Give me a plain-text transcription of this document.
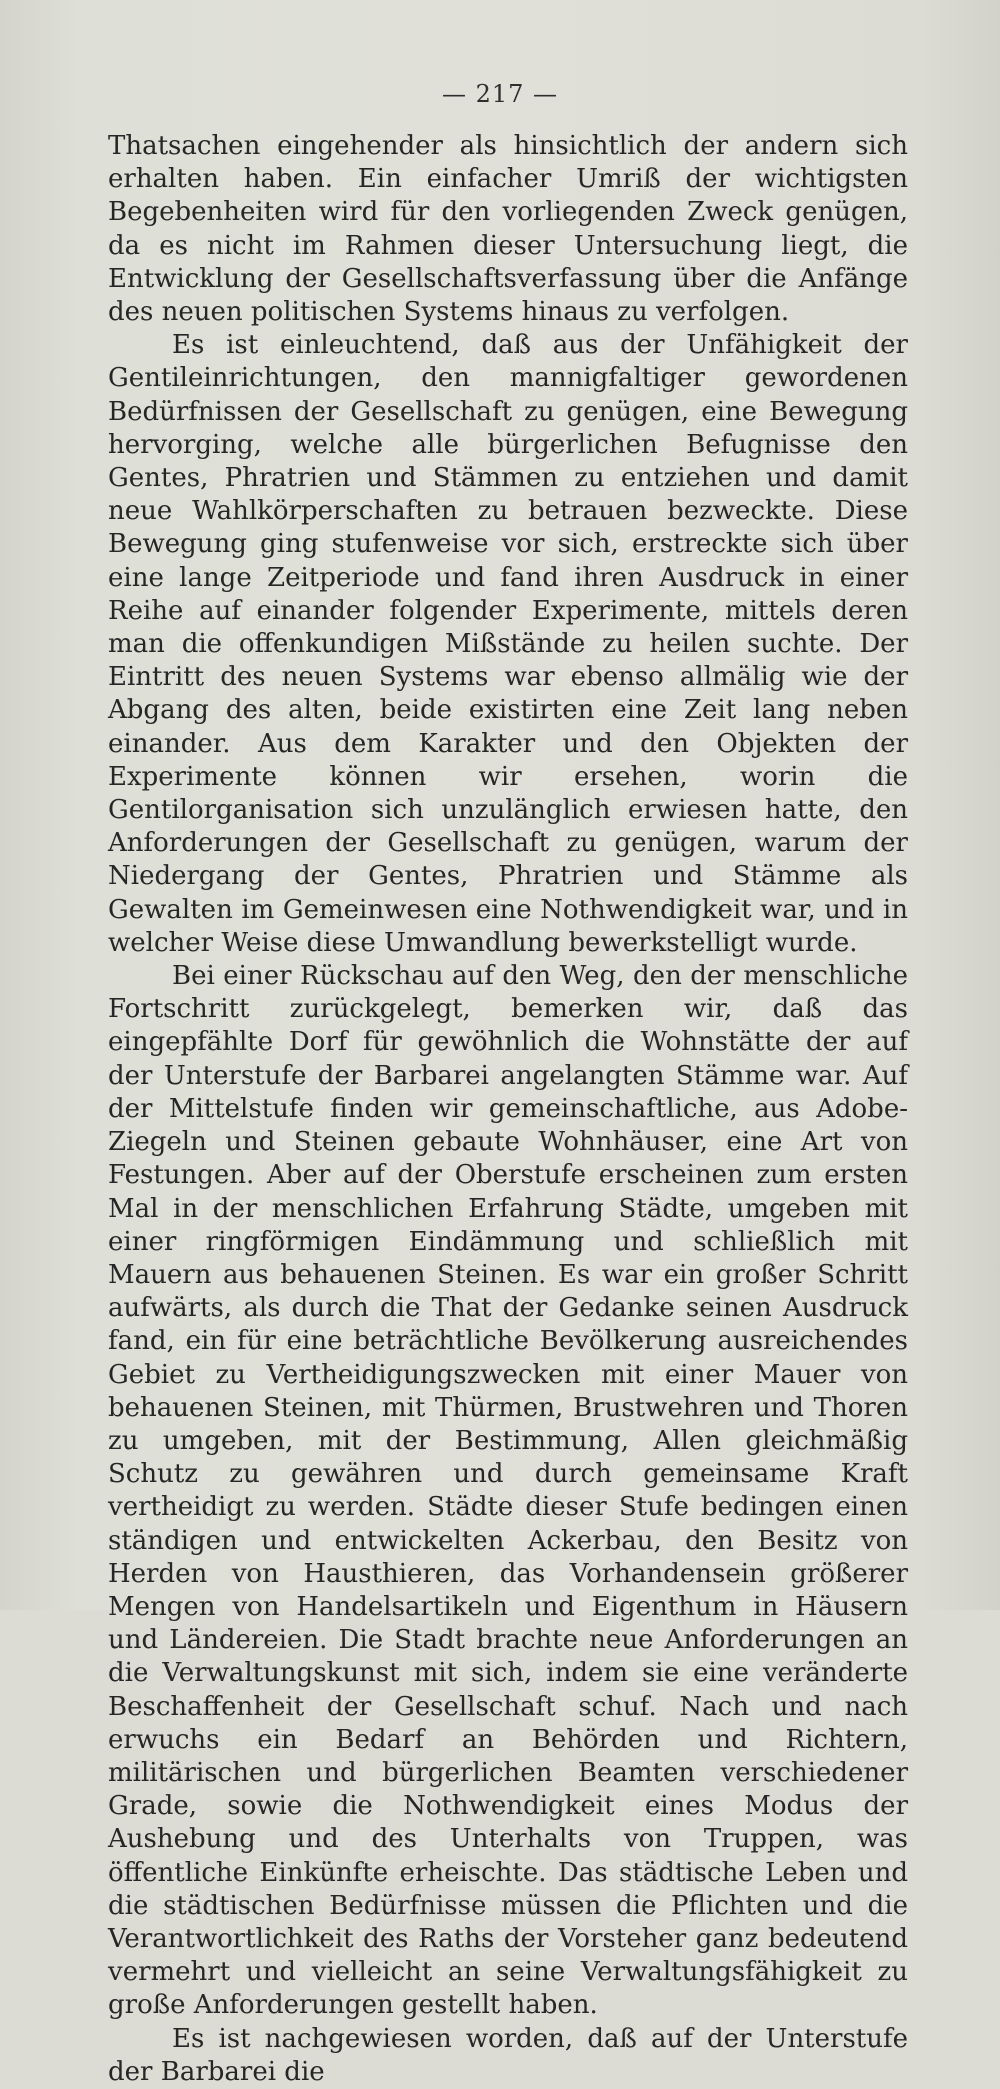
— 217 —

Thatsachen eingehender als hinsichtlich der andern sich erhalten haben. Ein einfacher Umriß der wichtigsten Begebenheiten wird für den vorliegenden Zweck genügen, da es nicht im Rahmen dieser Untersuchung liegt, die Entwicklung der Gesellschaftsverfassung über die Anfänge des neuen politischen Systems hinaus zu verfolgen.

Es ist einleuchtend, daß aus der Unfähigkeit der Gentileinrichtungen, den mannigfaltiger gewordenen Bedürfnissen der Gesellschaft zu genügen, eine Bewegung hervorging, welche alle bürgerlichen Befugnisse den Gentes, Phratrien und Stämmen zu entziehen und damit neue Wahlkörperschaften zu betrauen bezweckte. Diese Bewegung ging stufenweise vor sich, erstreckte sich über eine lange Zeitperiode und fand ihren Ausdruck in einer Reihe auf einander folgender Experimente, mittels deren man die offenkundigen Mißstände zu heilen suchte. Der Eintritt des neuen Systems war ebenso allmälig wie der Abgang des alten, beide existirten eine Zeit lang neben einander. Aus dem Karakter und den Objekten der Experimente können wir ersehen, worin die Gentilorganisation sich unzulänglich erwiesen hatte, den Anforderungen der Gesellschaft zu genügen, warum der Niedergang der Gentes, Phratrien und Stämme als Gewalten im Gemeinwesen eine Nothwendigkeit war, und in welcher Weise diese Umwandlung bewerkstelligt wurde.

Bei einer Rückschau auf den Weg, den der menschliche Fortschritt zurückgelegt, bemerken wir, daß das eingepfählte Dorf für gewöhnlich die Wohnstätte der auf der Unterstufe der Barbarei angelangten Stämme war. Auf der Mittelstufe finden wir gemeinschaftliche, aus Adobe-Ziegeln und Steinen gebaute Wohnhäuser, eine Art von Festungen. Aber auf der Oberstufe erscheinen zum ersten Mal in der menschlichen Erfahrung Städte, umgeben mit einer ringförmigen Eindämmung und schließlich mit Mauern aus behauenen Steinen. Es war ein großer Schritt aufwärts, als durch die That der Gedanke seinen Ausdruck fand, ein für eine beträchtliche Bevölkerung ausreichendes Gebiet zu Vertheidigungszwecken mit einer Mauer von behauenen Steinen, mit Thürmen, Brustwehren und Thoren zu umgeben, mit der Bestimmung, Allen gleichmäßig Schutz zu gewähren und durch gemeinsame Kraft vertheidigt zu werden. Städte dieser Stufe bedingen einen ständigen und entwickelten Ackerbau, den Besitz von Herden von Hausthieren, das Vorhandensein größerer Mengen von Handelsartikeln und Eigenthum in Häusern und Ländereien. Die Stadt brachte neue Anforderungen an die Verwaltungskunst mit sich, indem sie eine veränderte Beschaffenheit der Gesellschaft schuf. Nach und nach erwuchs ein Bedarf an Behörden und Richtern, militärischen und bürgerlichen Beamten verschiedener Grade, sowie die Nothwendigkeit eines Modus der Aushebung und des Unterhalts von Truppen, was öffentliche Einkünfte erheischte. Das städtische Leben und die städtischen Bedürfnisse müssen die Pflichten und die Verantwortlichkeit des Raths der Vorsteher ganz bedeutend vermehrt und vielleicht an seine Verwaltungsfähigkeit zu große Anforderungen gestellt haben.

Es ist nachgewiesen worden, daß auf der Unterstufe der Barbarei die
